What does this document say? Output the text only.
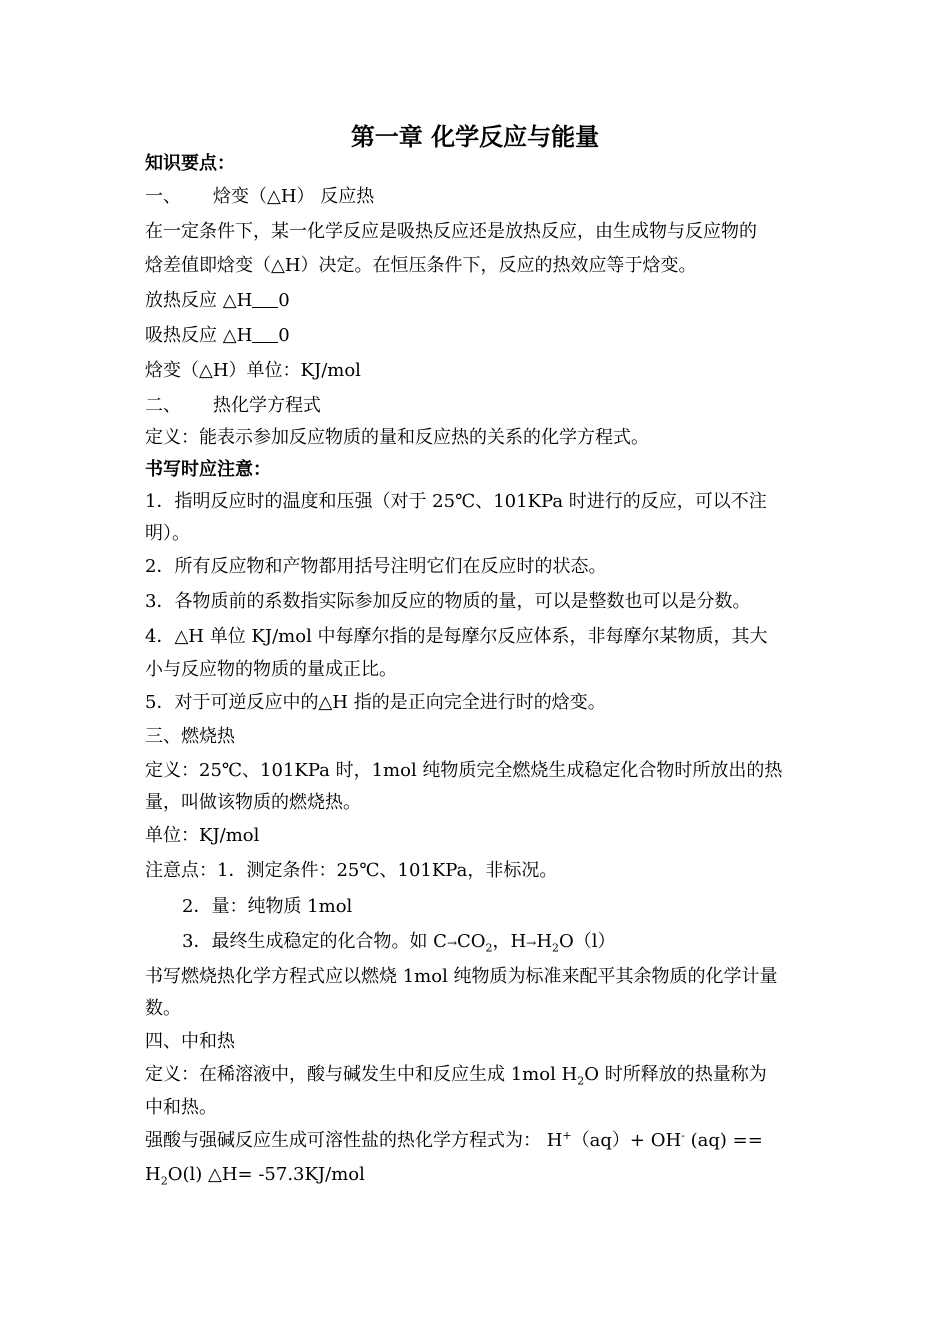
第一章 化学反应与能量
知识要点：
一、 焓变（△H） 反应热
在一定条件下，某一化学反应是吸热反应还是放热反应，由生成物与反应物的
焓差值即焓变（△H）决定。在恒压条件下，反应的热效应等于焓变。
放热反应 △H 0
吸热反应 △H 0
焓变（△H）单位：KJ/mol
二、 热化学方程式
定义：能表示参加反应物质的量和反应热的关系的化学方程式。
书写时应注意：
1．指明反应时的温度和压强（对于 25℃、101KPa 时进行的反应，可以不注
明）。
2．所有反应物和产物都用括号注明它们在反应时的状态。
3．各物质前的系数指实际参加反应的物质的量，可以是整数也可以是分数。
4．△H 单位 KJ/mol 中每摩尔指的是每摩尔反应体系，非每摩尔某物质，其大
小与反应物的物质的量成正比。
5．对于可逆反应中的△H 指的是正向完全进行时的焓变。
三、燃烧热
定义：25℃、101KPa 时，1mol 纯物质完全燃烧生成稳定化合物时所放出的热
量，叫做该物质的燃烧热。
单位：KJ/mol
注意点：1．测定条件：25℃、101KPa，非标况。
2．量：纯物质 1mol
3．最终生成稳定的化合物。如 $C\to CO_2$，$H\to H_2O(l)$
书写燃烧热化学方程式应以燃烧 1mol 纯物质为标准来配平其余物质的化学计量
数。
四、中和热
定义：在稀溶液中，酸与碱发生中和反应生成 1mol $H_2O$ 时所释放的热量称为
中和热。
强酸与强碱反应生成可溶性盐的热化学方程式为： H+（aq）+ OH- (aq) ==
$H_2O(l)$ △H= -57.3KJ/mol
